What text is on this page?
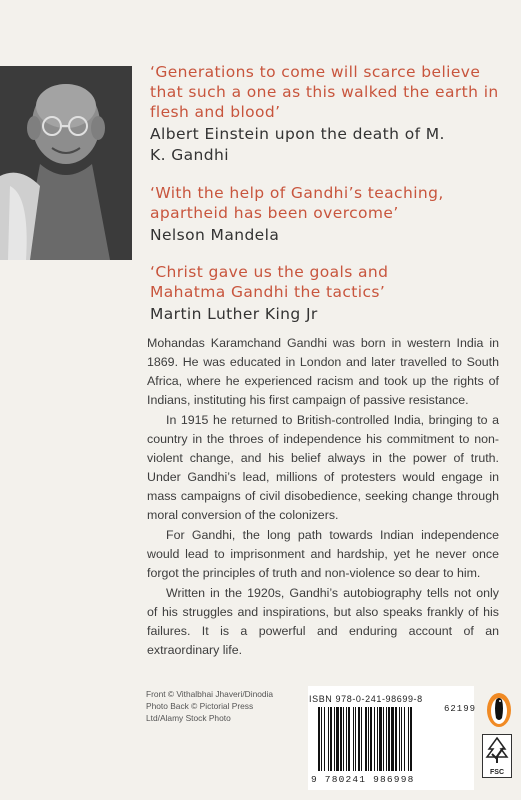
‘Generations to come will scarce believe that such a one as this walked the earth in flesh and blood’

Albert Einstein upon the death of M. K. Gandhi

‘With the help of Gandhi’s teaching, apartheid has been overcome’

Nelson Mandela

‘Christ gave us the goals and Mahatma Gandhi the tactics’

Martin Luther King Jr

Mohandas Karamchand Gandhi was born in western India in 1869. He was educated in London and later travelled to South Africa, where he experienced racism and took up the rights of Indians, instituting his first campaign of passive resistance.

In 1915 he returned to British-controlled India, bringing to a country in the throes of independence his commitment to non-violent change, and his belief always in the power of truth. Under Gandhi’s lead, millions of protesters would engage in mass campaigns of civil disobedience, seeking change through moral conversion of the colonizers.

For Gandhi, the long path towards Indian independence would lead to imprisonment and hardship, yet he never once forgot the principles of truth and non-violence so dear to him.

Written in the 1920s, Gandhi’s autobiography tells not only of his struggles and inspirations, but also speaks frankly of his failures. It is a powerful and enduring account of an extraordinary life.

Front © Vithalbhai Jhaveri/Dinodia Photo Back © Pictorial Press Ltd/Alamy Stock Photo
ISBN 978-0-241-98699-8
62199
9 780241 986998
FSC
